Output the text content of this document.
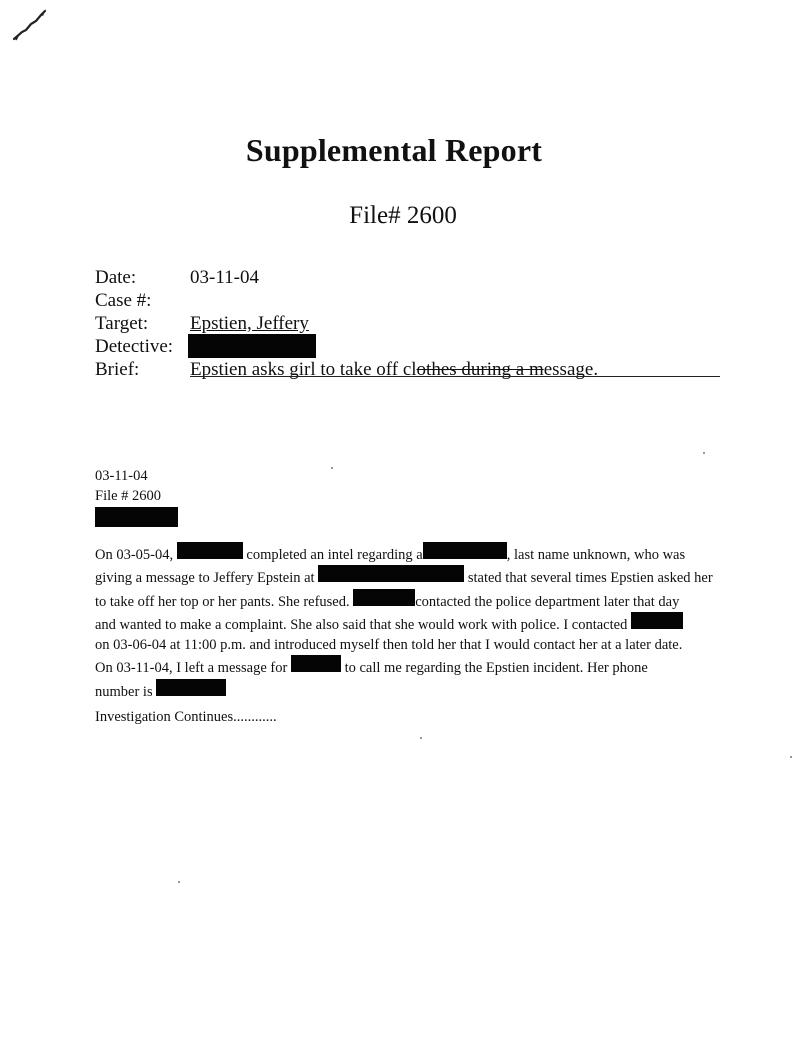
Supplemental Report
File# 2600
Date:	03-11-04
Case #:
Target:	Epstien, Jeffery
Detective:
Brief:	Epstien asks girl to take off clothes during a message.
03-11-04
File # 2600

On 03-05-04,	completed an intel regarding a	, last name unknown, who was

giving a message to Jeffery Epstein at	stated that several times Epstien asked her

to take off her top or her pants. She refused.	contacted the police department later that day

and wanted to make a complaint. She also said that she would work with police. I contacted

on 03-06-04 at 11:00 p.m. and introduced myself then told her that I would contact her at a later date.

On 03-11-04, I left a message for	to call me regarding the Epstien incident. Her phone

number is

Investigation Continues............
